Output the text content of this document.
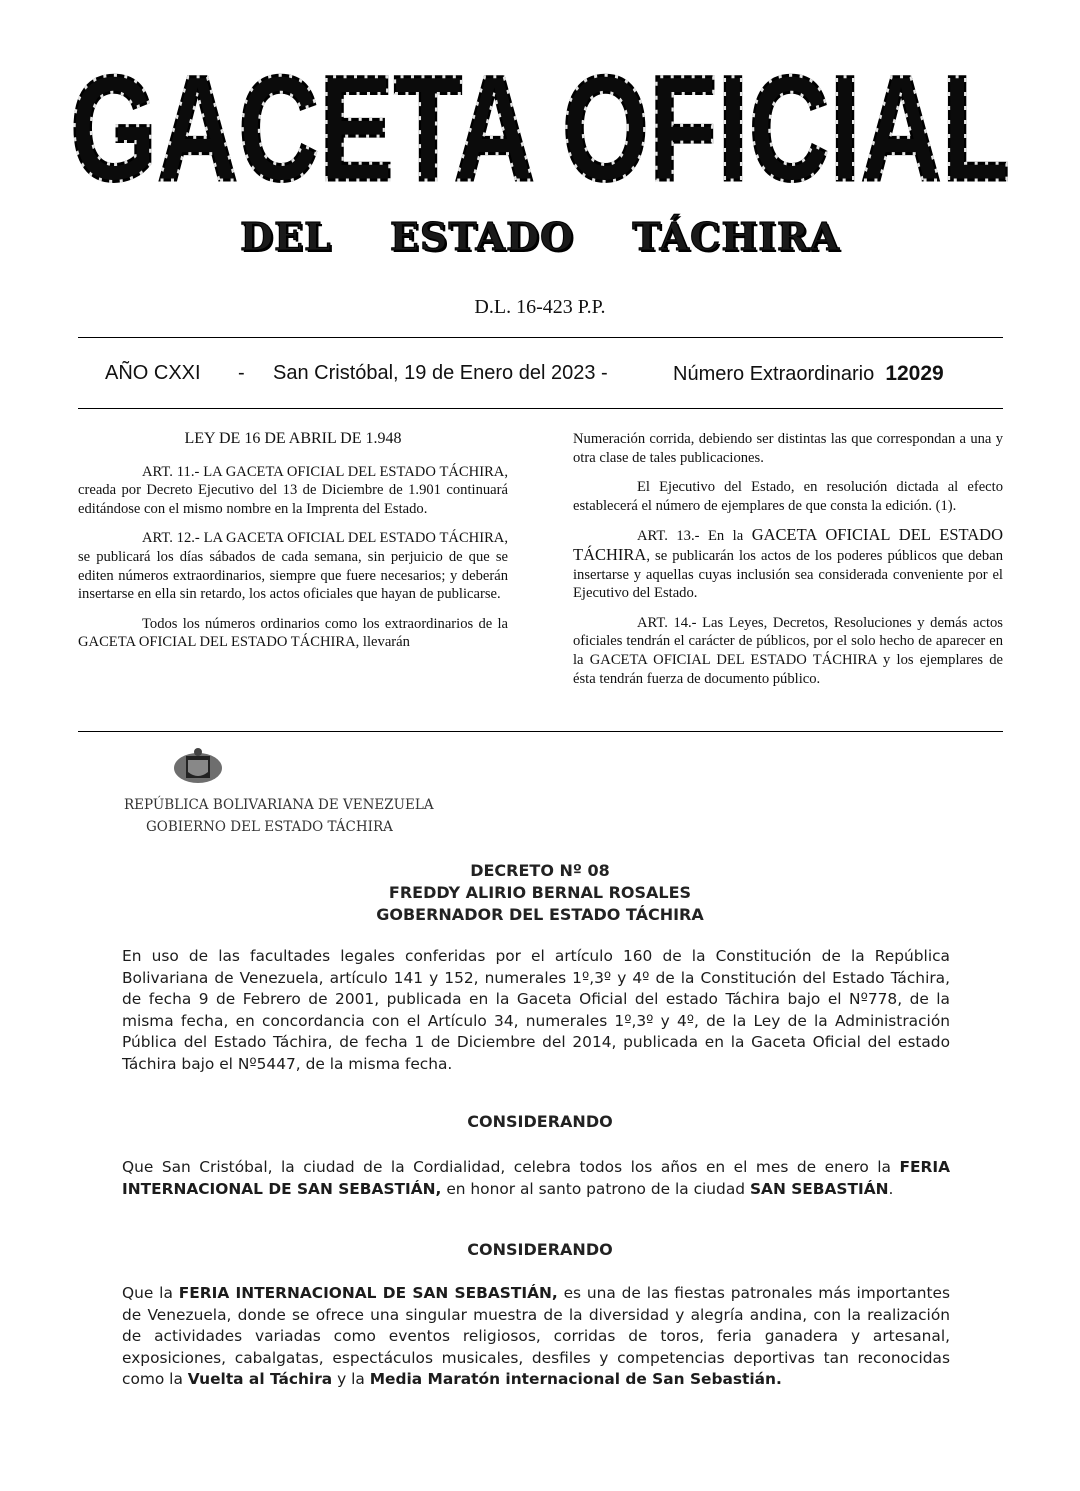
GACETA OFICIAL
GACETA OFICIAL
DEL ESTADO TÁCHIRA
D.L. 16-423 P.P.
AÑO CXXI - San Cristóbal, 19 de Enero del 2023 -	Número Extraordinario 12029

LEY DE 16 DE ABRIL DE 1.948

ART. 11.- LA GACETA OFICIAL DEL ESTADO TÁCHIRA, creada por Decreto Ejecutivo del 13 de Diciembre de 1.901 continuará editándose con el mismo nombre en la Imprenta del Estado.

ART. 12.- LA GACETA OFICIAL DEL ESTADO TÁCHIRA, se publicará los días sábados de cada semana, sin perjuicio de que se editen números extraordinarios, siempre que fuere necesarios; y deberán insertarse en ella sin retardo, los actos oficiales que hayan de publicarse.

Todos los números ordinarios como los extraordinarios de la GACETA OFICIAL DEL ESTADO TÁCHIRA, llevarán

Numeración corrida, debiendo ser distintas las que correspondan a una y otra clase de tales publicaciones.

El Ejecutivo del Estado, en resolución dictada al efecto establecerá el número de ejemplares de que consta la edición. (1).

ART. 13.- En la GACETA OFICIAL DEL ESTADO TÁCHIRA, se publicarán los actos de los poderes públicos que deban insertarse y aquellas cuyas inclusión sea considerada conveniente por el Ejecutivo del Estado.

ART. 14.- Las Leyes, Decretos, Resoluciones y demás actos oficiales tendrán el carácter de públicos, por el solo hecho de aparecer en la GACETA OFICIAL DEL ESTADO TÁCHIRA y los ejemplares de ésta tendrán fuerza de documento público.

REPÚBLICA BOLIVARIANA DE VENEZUELA
GOBIERNO DEL ESTADO TÁCHIRA
DECRETO Nº 08
FREDDY ALIRIO BERNAL ROSALES
GOBERNADOR DEL ESTADO TÁCHIRA
En uso de las facultades legales conferidas por el artículo 160 de la Constitución de la República Bolivariana de Venezuela, artículo 141 y 152, numerales 1º,3º y 4º de la Constitución del Estado Táchira, de fecha 9 de Febrero de 2001, publicada en la Gaceta Oficial del estado Táchira bajo el Nº778, de la misma fecha, en concordancia con el Artículo 34, numerales 1º,3º y 4º, de la Ley de la Administración Pública del Estado Táchira, de fecha 1 de Diciembre del 2014, publicada en la Gaceta Oficial del estado Táchira bajo el Nº5447, de la misma fecha.
CONSIDERANDO
Que San Cristóbal, la ciudad de la Cordialidad, celebra todos los años en el mes de enero la FERIA INTERNACIONAL DE SAN SEBASTIÁN, en honor al santo patrono de la ciudad SAN SEBASTIÁN.
CONSIDERANDO
Que la FERIA INTERNACIONAL DE SAN SEBASTIÁN, es una de las fiestas patronales más importantes de Venezuela, donde se ofrece una singular muestra de la diversidad y alegría andina, con la realización de actividades variadas como eventos religiosos, corridas de toros, feria ganadera y artesanal, exposiciones, cabalgatas, espectáculos musicales, desfiles y competencias deportivas tan reconocidas como la Vuelta al Táchira y la Media Maratón internacional de San Sebastián.
